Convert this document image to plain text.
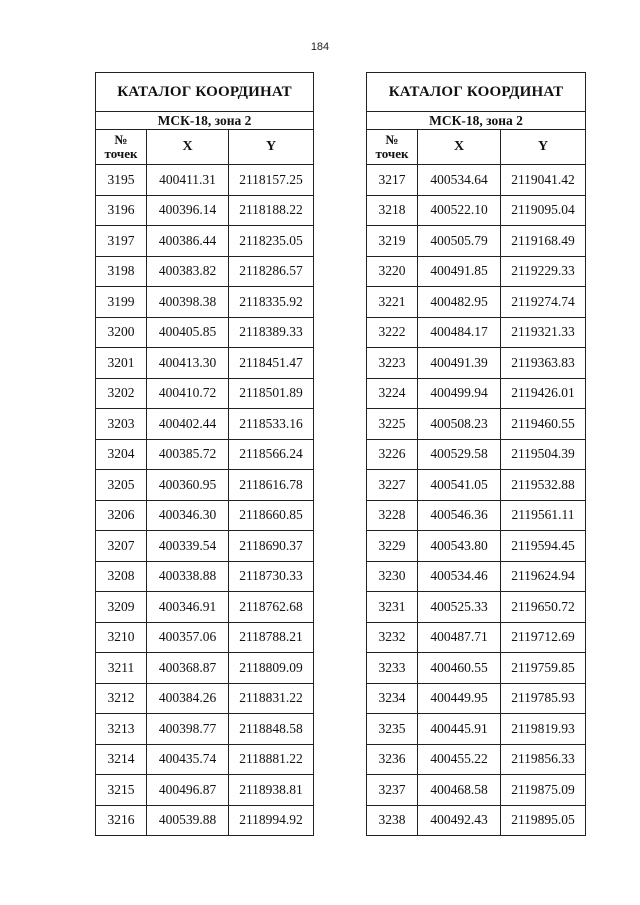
184
КАТАЛОГ КООРДИНАТ		
МСК-18, зона 2		
№
точек	X	Y
3195	400411.31	2118157.25
3196	400396.14	2118188.22
3197	400386.44	2118235.05
3198	400383.82	2118286.57
3199	400398.38	2118335.92
3200	400405.85	2118389.33
3201	400413.30	2118451.47
3202	400410.72	2118501.89
3203	400402.44	2118533.16
3204	400385.72	2118566.24
3205	400360.95	2118616.78
3206	400346.30	2118660.85
3207	400339.54	2118690.37
3208	400338.88	2118730.33
3209	400346.91	2118762.68
3210	400357.06	2118788.21
3211	400368.87	2118809.09
3212	400384.26	2118831.22
3213	400398.77	2118848.58
3214	400435.74	2118881.22
3215	400496.87	2118938.81
3216	400539.88	2118994.92
КАТАЛОГ КООРДИНАТ		
МСК-18, зона 2		
№
точек	X	Y
3217	400534.64	2119041.42
3218	400522.10	2119095.04
3219	400505.79	2119168.49
3220	400491.85	2119229.33
3221	400482.95	2119274.74
3222	400484.17	2119321.33
3223	400491.39	2119363.83
3224	400499.94	2119426.01
3225	400508.23	2119460.55
3226	400529.58	2119504.39
3227	400541.05	2119532.88
3228	400546.36	2119561.11
3229	400543.80	2119594.45
3230	400534.46	2119624.94
3231	400525.33	2119650.72
3232	400487.71	2119712.69
3233	400460.55	2119759.85
3234	400449.95	2119785.93
3235	400445.91	2119819.93
3236	400455.22	2119856.33
3237	400468.58	2119875.09
3238	400492.43	2119895.05
